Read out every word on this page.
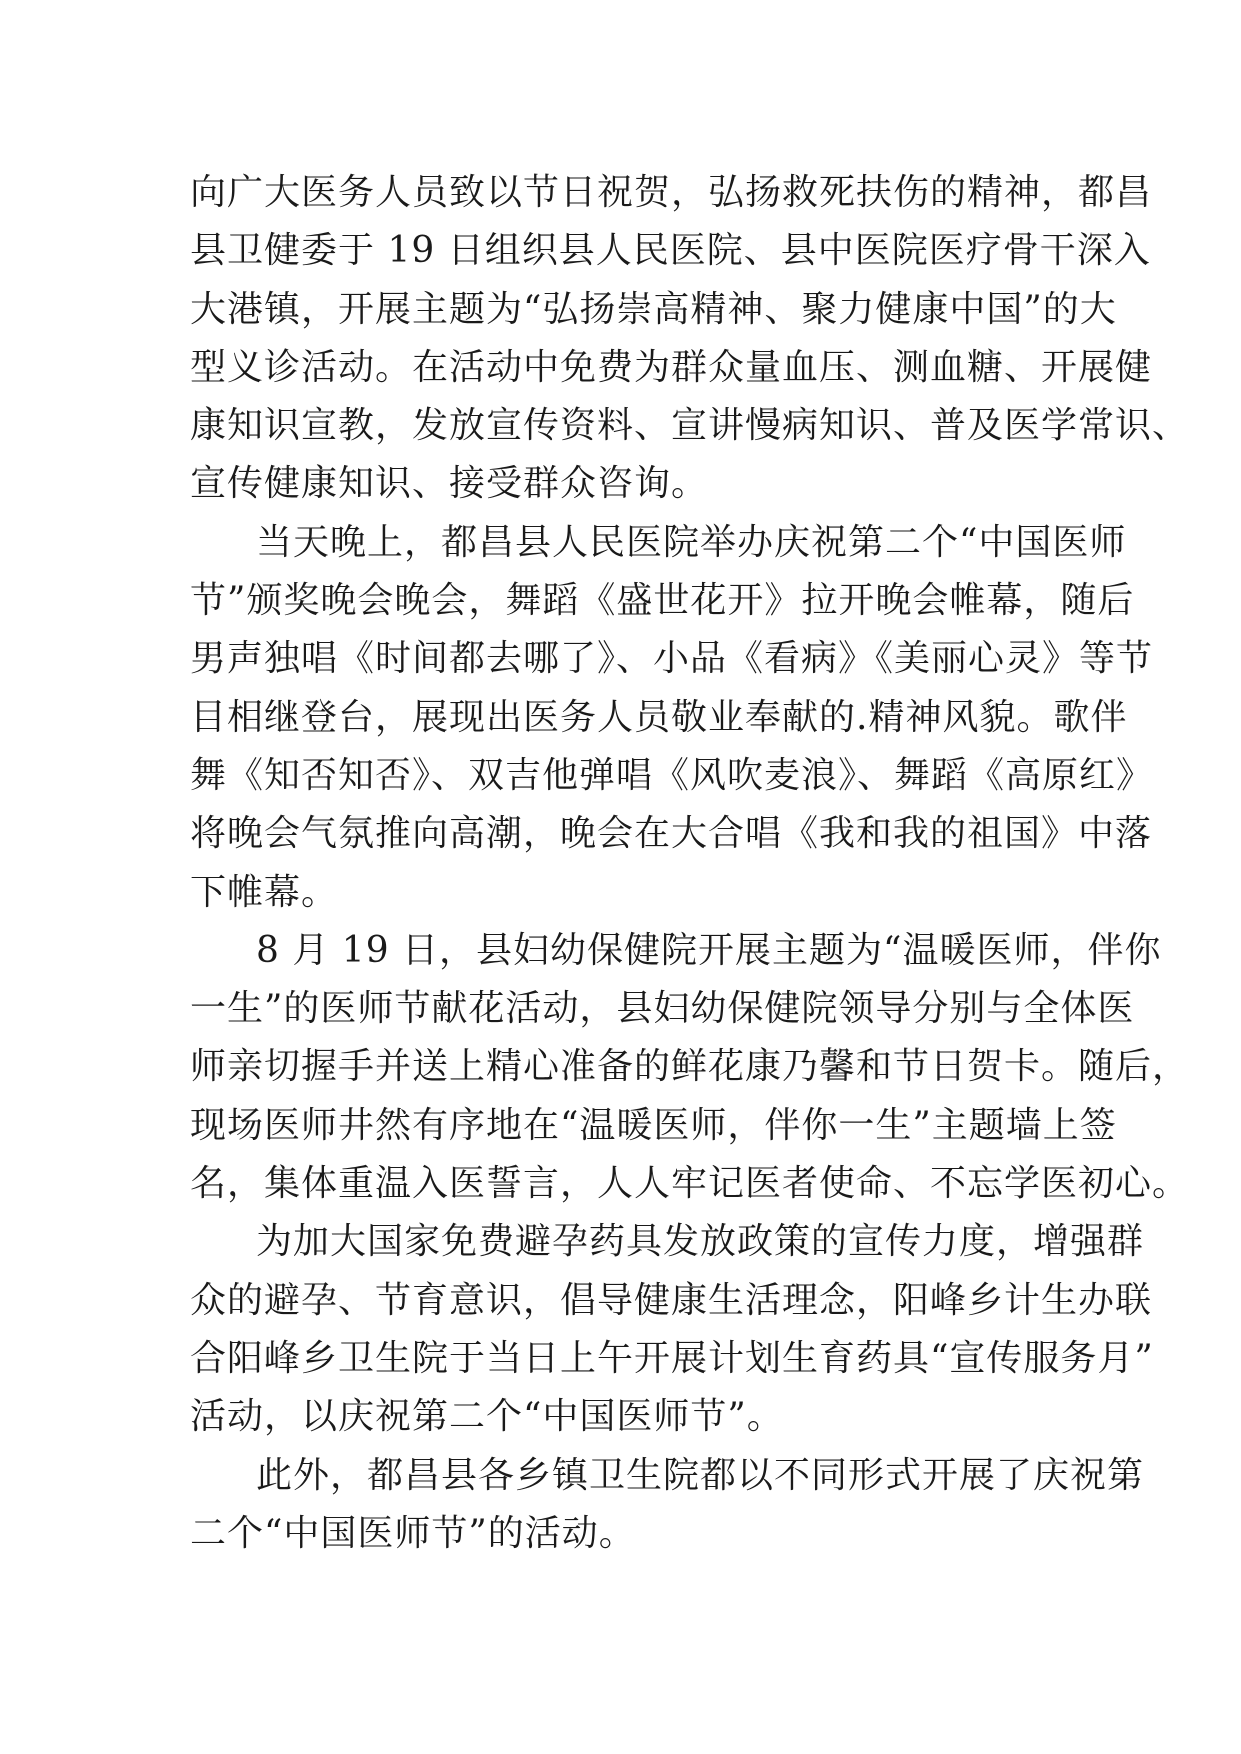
向广大医务人员致以节日祝贺，弘扬救死扶伤的精神，都昌
县卫健委于 19 日组织县人民医院、县中医院医疗骨干深入
大港镇，开展主题为“弘扬崇高精神、聚力健康中国”的大
型义诊活动。在活动中免费为群众量血压、测血糖、开展健
康知识宣教，发放宣传资料、宣讲慢病知识、普及医学常识、
宣传健康知识、接受群众咨询。
当天晚上，都昌县人民医院举办庆祝第二个“中国医师
节”颁奖晚会晚会，舞蹈《盛世花开》拉开晚会帷幕，随后
男声独唱《时间都去哪了》、小品《看病》《美丽心灵》等节
目相继登台，展现出医务人员敬业奉献的.精神风貌。歌伴
舞《知否知否》、双吉他弹唱《风吹麦浪》、舞蹈《高原红》
将晚会气氛推向高潮，晚会在大合唱《我和我的祖国》中落
下帷幕。
8 月 19 日，县妇幼保健院开展主题为“温暖医师，伴你
一生”的医师节献花活动，县妇幼保健院领导分别与全体医
师亲切握手并送上精心准备的鲜花康乃馨和节日贺卡。随后，
现场医师井然有序地在“温暖医师，伴你一生”主题墙上签
名，集体重温入医誓言，人人牢记医者使命、不忘学医初心。
为加大国家免费避孕药具发放政策的宣传力度，增强群
众的避孕、节育意识，倡导健康生活理念，阳峰乡计生办联
合阳峰乡卫生院于当日上午开展计划生育药具“宣传服务月”
活动，以庆祝第二个“中国医师节”。
此外，都昌县各乡镇卫生院都以不同形式开展了庆祝第
二个“中国医师节”的活动。
